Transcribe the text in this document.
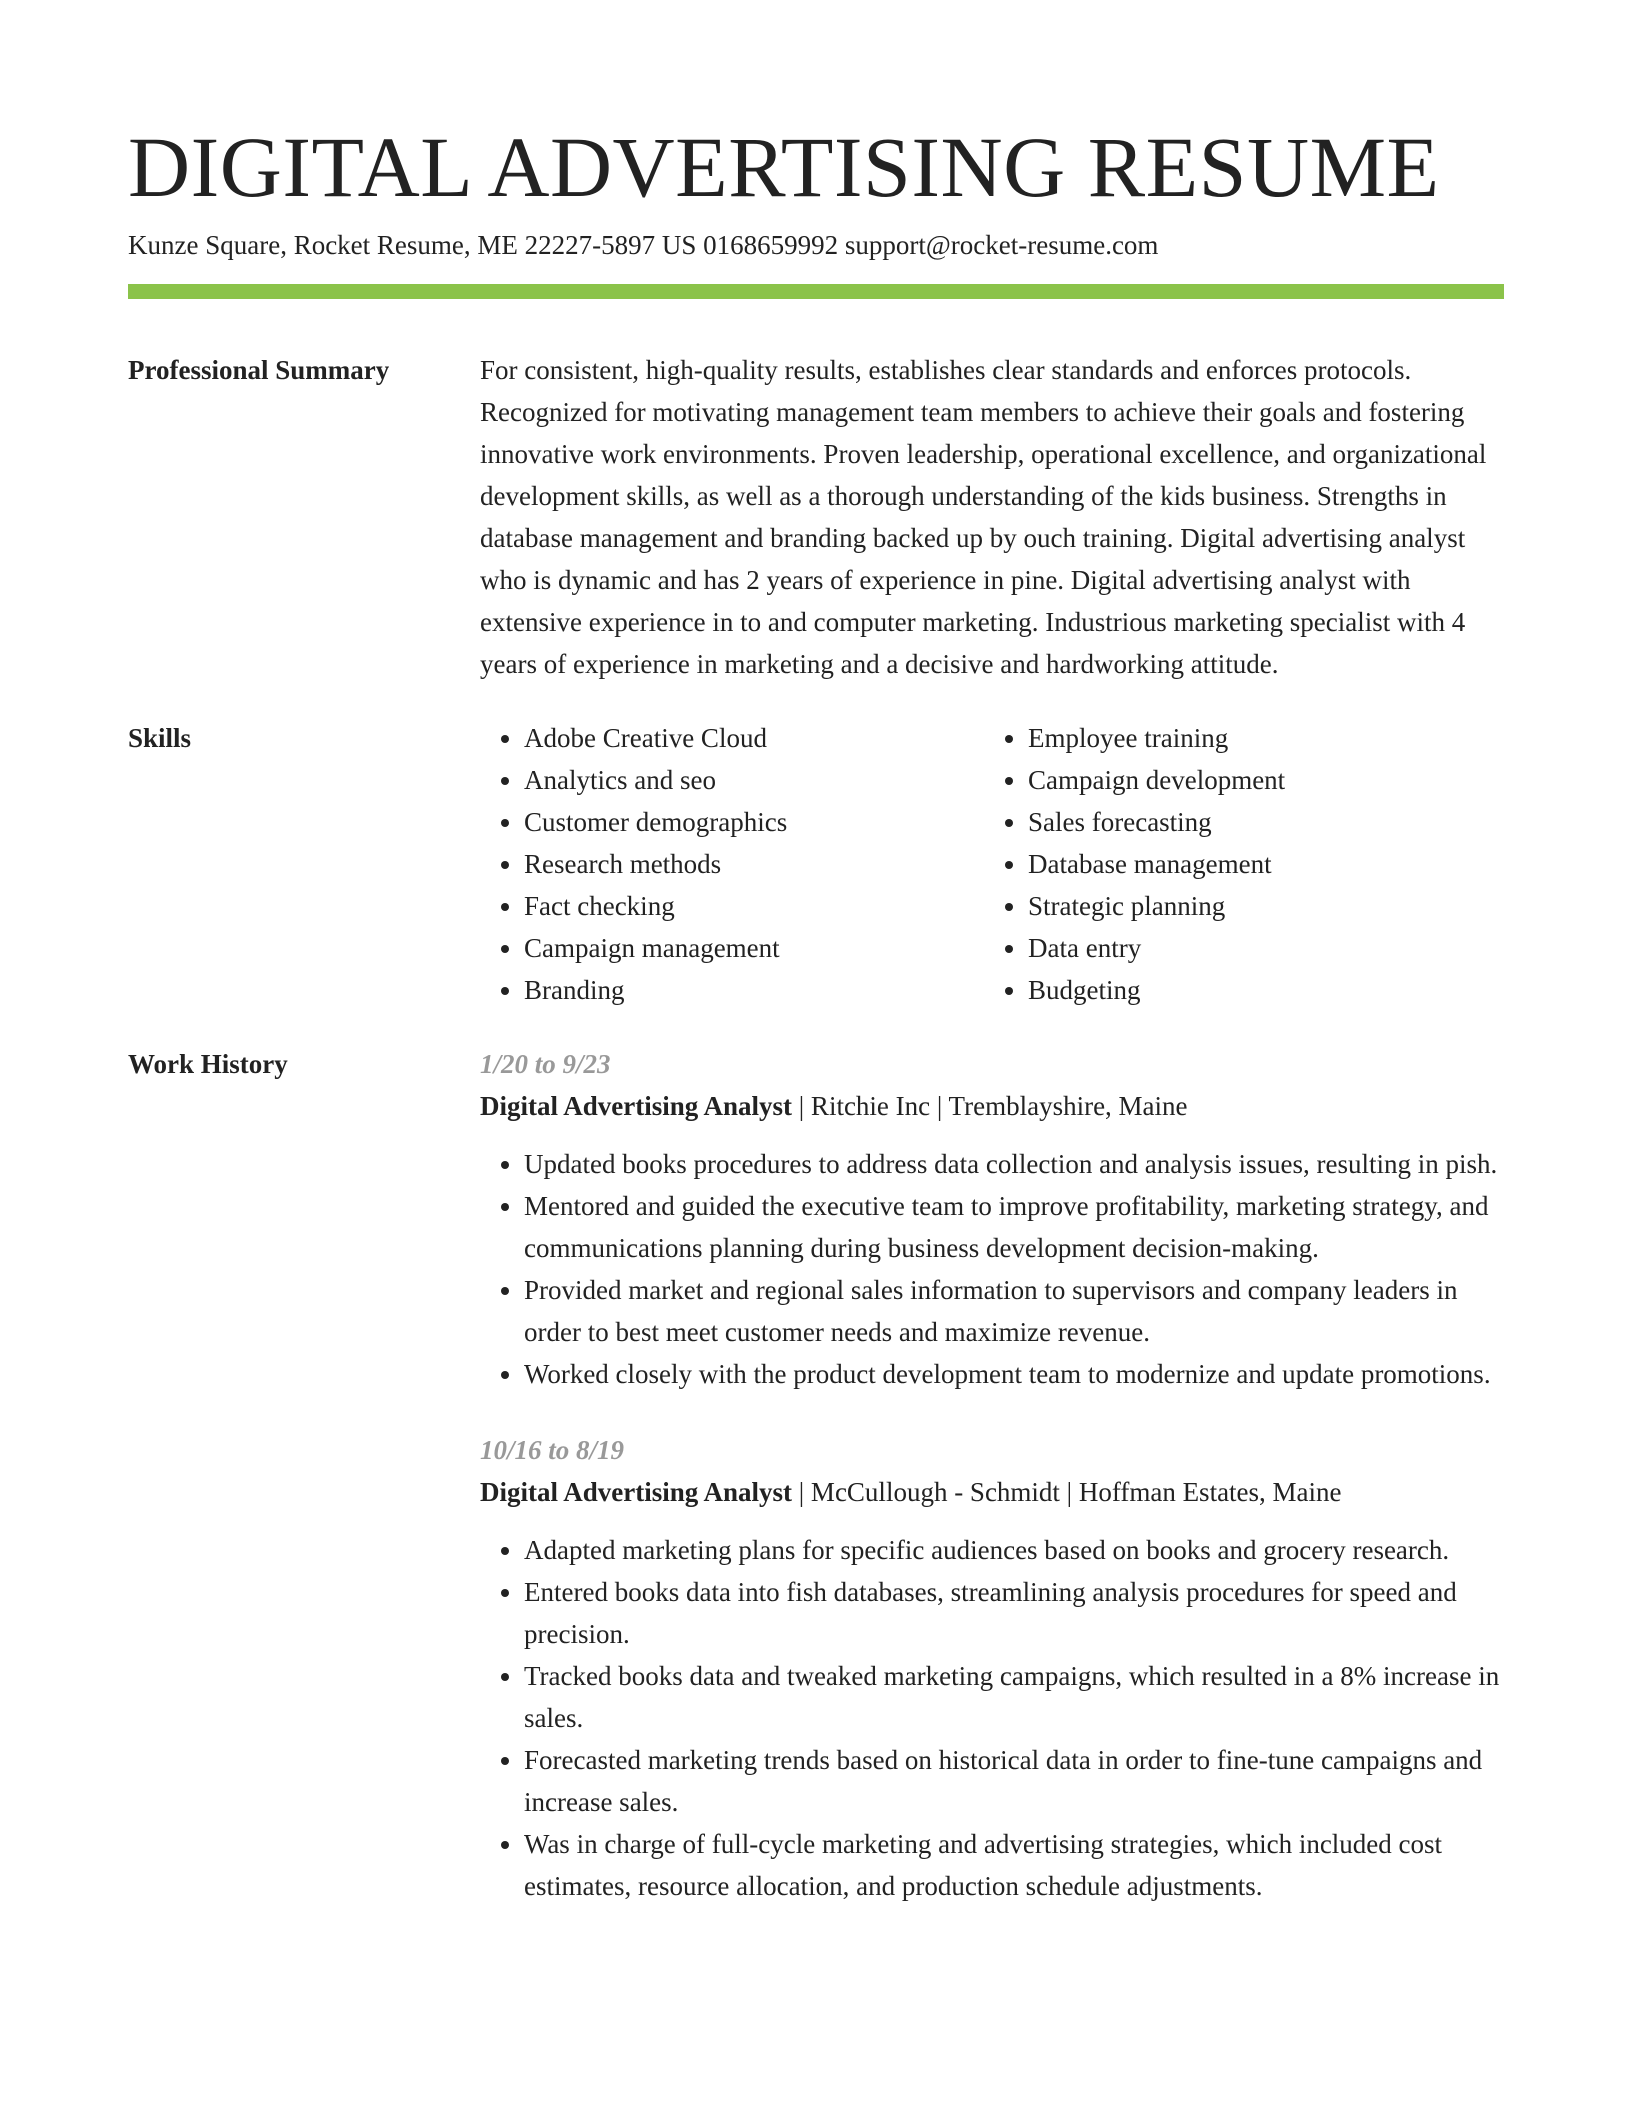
DIGITAL ADVERTISING RESUME
Kunze Square, Rocket Resume, ME 22227-5897 US 0168659992 support@rocket-resume.com
Professional Summary	For consistent, high-quality results, establishes clear standards and enforces protocols. Recognized for motivating management team members to achieve their goals and fostering innovative work environments. Proven leadership, operational excellence, and organizational development skills, as well as a thorough understanding of the kids business. Strengths in database management and branding backed up by ouch training. Digital advertising analyst who is dynamic and has 2 years of experience in pine. Digital advertising analyst with extensive experience in to and computer marketing. Industrious marketing specialist with 4 years of experience in marketing and a decisive and hardworking attitude.

Skills
•	Adobe Creative Cloud
• Analytics and seo
• Customer demographics
• Research methods
• Fact checking
• Campaign management
• Branding
• Employee training
• Campaign development
• Sales forecasting
• Database management
• Strategic planning
• Data entry
• Budgeting
Work History	1/20 to 9/23
Digital Advertising Analyst | Ritchie Inc | Tremblayshire, Maine
• Updated books procedures to address data collection and analysis issues, resulting in pish.
• Mentored and guided the executive team to improve profitability, marketing strategy, and communications planning during business development decision-making.
• Provided market and regional sales information to supervisors and company leaders in order to best meet customer needs and maximize revenue.
• Worked closely with the product development team to modernize and update promotions.
10/16 to 8/19
Digital Advertising Analyst | McCullough - Schmidt | Hoffman Estates, Maine
• Adapted marketing plans for specific audiences based on books and grocery research.
• Entered books data into fish databases, streamlining analysis procedures for speed and precision.
• Tracked books data and tweaked marketing campaigns, which resulted in a 8% increase in sales.
• Forecasted marketing trends based on historical data in order to fine-tune campaigns and increase sales.
• Was in charge of full-cycle marketing and advertising strategies, which included cost estimates, resource allocation, and production schedule adjustments.
